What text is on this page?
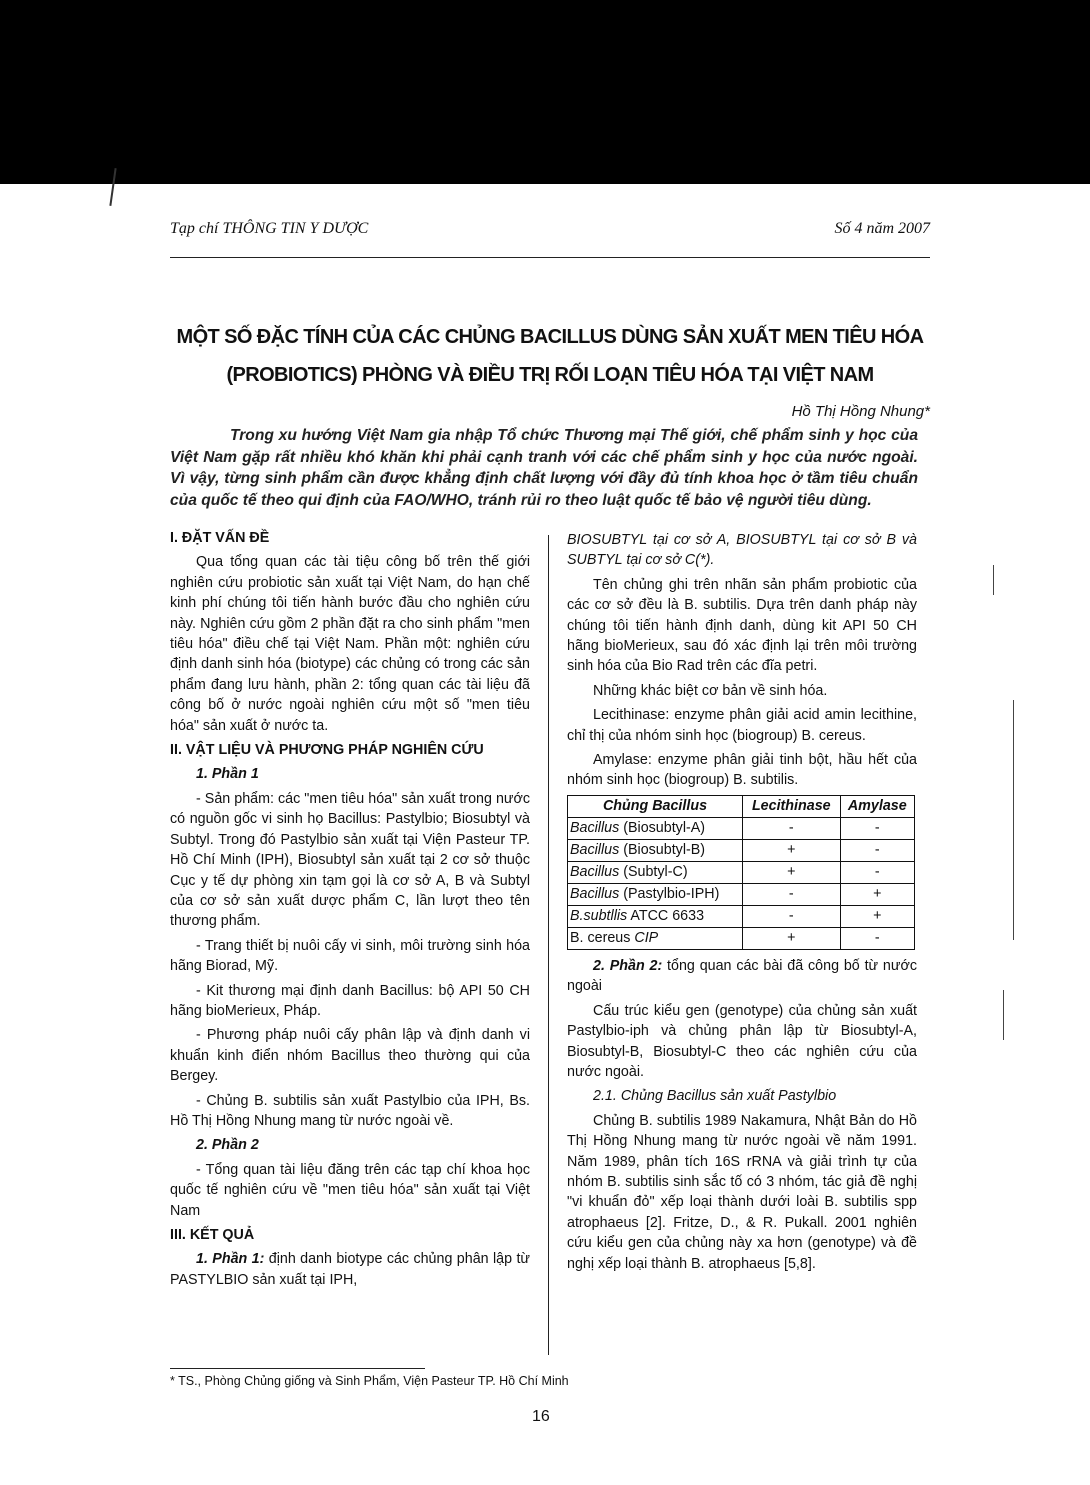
Tạp chí THÔNG TIN Y DƯỢC	Số 4 năm 2007
MỘT SỐ ĐẶC TÍNH CỦA CÁC CHỦNG BACILLUS DÙNG SẢN XUẤT MEN TIÊU HÓA
(PROBIOTICS) PHÒNG VÀ ĐIỀU TRỊ RỐI LOẠN TIÊU HÓA TẠI VIỆT NAM
Hồ Thị Hồng Nhung*
Trong xu hướng Việt Nam gia nhập Tổ chức Thương mại Thế giới, chế phẩm sinh y học của Việt Nam gặp rất nhiều khó khăn khi phải cạnh tranh với các chế phẩm sinh y học của nước ngoài. Vì vậy, từng sinh phẩm cần được khẳng định chất lượng với đầy đủ tính khoa học ở tầm tiêu chuẩn của quốc tế theo qui định của FAO/WHO, tránh rủi ro theo luật quốc tế bảo vệ người tiêu dùng.
I. ĐẶT VẤN ĐỀ

Qua tổng quan các tài tiệu công bố trên thế giới nghiên cứu probiotic sản xuất tại Việt Nam, do hạn chế kinh phí chúng tôi tiến hành bước đầu cho nghiên cứu này. Nghiên cứu gồm 2 phần đặt ra cho sinh phẩm "men tiêu hóa" điều chế tại Việt Nam. Phần một: nghiên cứu định danh sinh hóa (biotype) các chủng có trong các sản phẩm đang lưu hành, phần 2: tổng quan các tài liệu đã công bố ở nước ngoài nghiên cứu một số "men tiêu hóa" sản xuất ở nước ta.

II. VẬT LIỆU VÀ PHƯƠNG PHÁP NGHIÊN CỨU
1. Phần 1

- Sản phẩm: các "men tiêu hóa" sản xuất trong nước có nguồn gốc vi sinh họ Bacillus: Pastylbio; Biosubtyl và Subtyl. Trong đó Pastylbio sản xuất tại Viện Pasteur TP. Hồ Chí Minh (IPH), Biosubtyl sản xuất tại 2 cơ sở thuộc Cục y tế dự phòng xin tạm gọi là cơ sở A, B và Subtyl của cơ sở sản xuất dược phẩm C, lần lượt theo tên thương phẩm.

- Trang thiết bị nuôi cấy vi sinh, môi trường sinh hóa hãng Biorad, Mỹ.

- Kit thương mại định danh Bacillus: bộ API 50 CH hãng bioMerieux, Pháp.

- Phương pháp nuôi cấy phân lập và định danh vi khuẩn kinh điển nhóm Bacillus theo thường qui của Bergey.

- Chủng B. subtilis sản xuất Pastylbio của IPH, Bs. Hồ Thị Hồng Nhung mang từ nước ngoài về.

2. Phần 2

- Tổng quan tài liệu đăng trên các tạp chí khoa học quốc tế nghiên cứu về "men tiêu hóa" sản xuất tại Việt Nam

III. KẾT QUẢ

1. Phần 1: định danh biotype các chủng phân lập từ PASTYLBIO sản xuất tại IPH,

BIOSUBTYL tại cơ sở A, BIOSUBTYL tại cơ sở B và SUBTYL tại cơ sở C(*).

Tên chủng ghi trên nhãn sản phẩm probiotic của các cơ sở đều là B. subtilis. Dựa trên danh pháp này chúng tôi tiến hành định danh, dùng kit API 50 CH hãng bioMerieux, sau đó xác định lại trên môi trường sinh hóa của Bio Rad trên các đĩa petri.

Những khác biệt cơ bản về sinh hóa.

Lecithinase: enzyme phân giải acid amin lecithine, chỉ thị của nhóm sinh học (biogroup) B. cereus.

Amylase: enzyme phân giải tinh bột, hầu hết của nhóm sinh học (biogroup) B. subtilis.

Chủng Bacillus	Lecithinase	Amylase
Bacillus (Biosubtyl-A)	-	-
Bacillus (Biosubtyl-B)	+	-
Bacillus (Subtyl-C)	+	-
Bacillus (Pastylbio-IPH)	-	+
B.subtllis ATCC 6633	-	+
B. cereus CIP	+	-

2. Phần 2: tổng quan các bài đã công bố từ nước ngoài

Cấu trúc kiểu gen (genotype) của chủng sản xuất Pastylbio-iph và chủng phân lập từ Biosubtyl-A, Biosubtyl-B, Biosubtyl-C theo các nghiên cứu của nước ngoài.

2.1. Chủng Bacillus sản xuất Pastylbio

Chủng B. subtilis 1989 Nakamura, Nhật Bản do Hồ Thị Hồng Nhung mang từ nước ngoài về năm 1991. Năm 1989, phân tích 16S rRNA và giải trình tự của nhóm B. subtilis sinh sắc tố có 3 nhóm, tác giả đề nghị "vi khuẩn đỏ" xếp loại thành dưới loài B. subtilis spp atrophaeus [2]. Fritze, D., & R. Pukall. 2001 nghiên cứu kiểu gen của chủng này xa hơn (genotype) và đề nghị xếp loại thành B. atrophaeus [5,8].

* TS., Phòng Chủng giống và Sinh Phẩm, Viện Pasteur TP. Hồ Chí Minh
16
